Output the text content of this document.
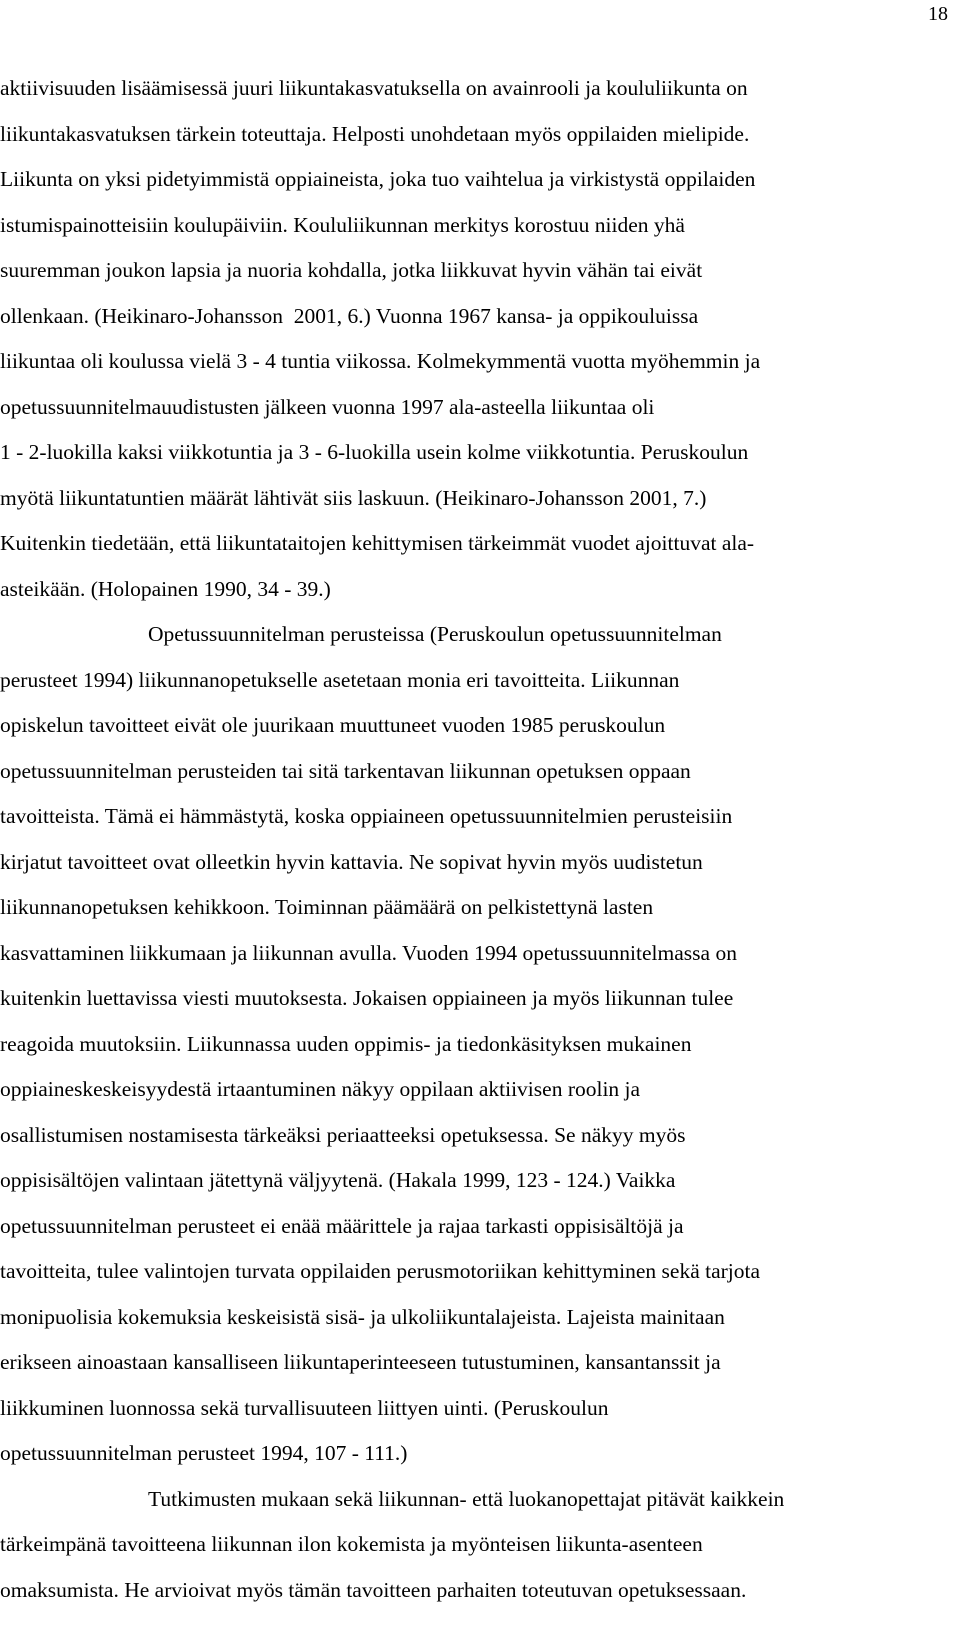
18

aktiivisuuden lisäämisessä juuri liikuntakasvatuksella on avainrooli ja koululiikunta on

liikuntakasvatuksen tärkein toteuttaja. Helposti unohdetaan myös oppilaiden mielipide.

Liikunta on yksi pidetyimmistä oppiaineista, joka tuo vaihtelua ja virkistystä oppilaiden

istumispainotteisiin koulupäiviin. Koululiikunnan merkitys korostuu niiden yhä

suuremman joukon lapsia ja nuoria kohdalla, jotka liikkuvat hyvin vähän tai eivät

ollenkaan. (Heikinaro-Johansson  2001, 6.) Vuonna 1967 kansa- ja oppikouluissa

liikuntaa oli koulussa vielä 3 - 4 tuntia viikossa. Kolmekymmentä vuotta myöhemmin ja

opetussuunnitelmauudistusten jälkeen vuonna 1997 ala-asteella liikuntaa oli

1 - 2-luokilla kaksi viikkotuntia ja 3 - 6-luokilla usein kolme viikkotuntia. Peruskoulun

myötä liikuntatuntien määrät lähtivät siis laskuun. (Heikinaro-Johansson 2001, 7.)

Kuitenkin tiedetään, että liikuntataitojen kehittymisen tärkeimmät vuodet ajoittuvat ala-

asteikään. (Holopainen 1990, 34 - 39.)

Opetussuunnitelman perusteissa (Peruskoulun opetussuunnitelman

perusteet 1994) liikunnanopetukselle asetetaan monia eri tavoitteita. Liikunnan

opiskelun tavoitteet eivät ole juurikaan muuttuneet vuoden 1985 peruskoulun

opetussuunnitelman perusteiden tai sitä tarkentavan liikunnan opetuksen oppaan

tavoitteista. Tämä ei hämmästytä, koska oppiaineen opetussuunnitelmien perusteisiin

kirjatut tavoitteet ovat olleetkin hyvin kattavia. Ne sopivat hyvin myös uudistetun

liikunnanopetuksen kehikkoon. Toiminnan päämäärä on pelkistettynä lasten

kasvattaminen liikkumaan ja liikunnan avulla. Vuoden 1994 opetussuunnitelmassa on

kuitenkin luettavissa viesti muutoksesta. Jokaisen oppiaineen ja myös liikunnan tulee

reagoida muutoksiin. Liikunnassa uuden oppimis- ja tiedonkäsityksen mukainen

oppiaineskeskeisyydestä irtaantuminen näkyy oppilaan aktiivisen roolin ja

osallistumisen nostamisesta tärkeäksi periaatteeksi opetuksessa. Se näkyy myös

oppisisältöjen valintaan jätettynä väljyytenä. (Hakala 1999, 123 - 124.) Vaikka

opetussuunnitelman perusteet ei enää määrittele ja rajaa tarkasti oppisisältöjä ja

tavoitteita, tulee valintojen turvata oppilaiden perusmotoriikan kehittyminen sekä tarjota

monipuolisia kokemuksia keskeisistä sisä- ja ulkoliikuntalajeista. Lajeista mainitaan

erikseen ainoastaan kansalliseen liikuntaperinteeseen tutustuminen, kansantanssit ja

liikkuminen luonnossa sekä turvallisuuteen liittyen uinti. (Peruskoulun

opetussuunnitelman perusteet 1994, 107 - 111.)

Tutkimusten mukaan sekä liikunnan- että luokanopettajat pitävät kaikkein

tärkeimpänä tavoitteena liikunnan ilon kokemista ja myönteisen liikunta-asenteen

omaksumista. He arvioivat myös tämän tavoitteen parhaiten toteutuvan opetuksessaan.
